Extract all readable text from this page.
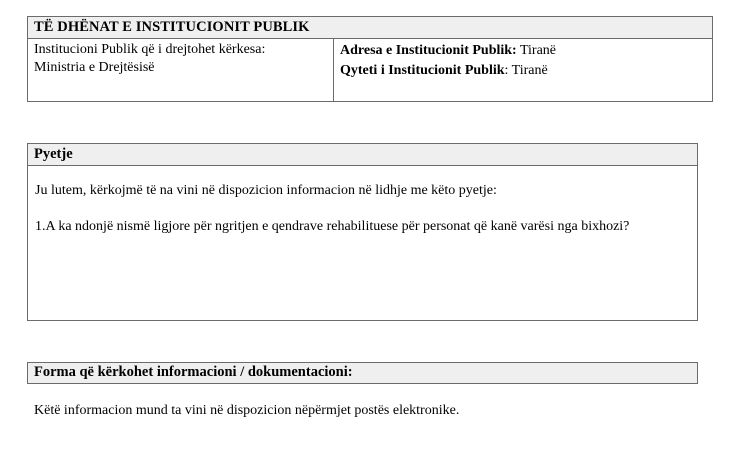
TË DHËNAT E INSTITUCIONIT PUBLIK
Institucioni Publik që i drejtohet kërkesa:
Ministria e Drejtësisë
Adresa e Institucionit Publik: Tiranë
Qyteti i Institucionit Publik: Tiranë
Pyetje

Ju lutem, kërkojmë të na vini në dispozicion informacion në lidhje me këto pyetje:

1.A ka ndonjë nismë ligjore për ngritjen e qendrave rehabilituese për personat që kanë varësi nga bixhozi?

Forma që kërkohet informacioni / dokumentacioni:
Këtë informacion mund ta vini në dispozicion nëpërmjet postës elektronike.
